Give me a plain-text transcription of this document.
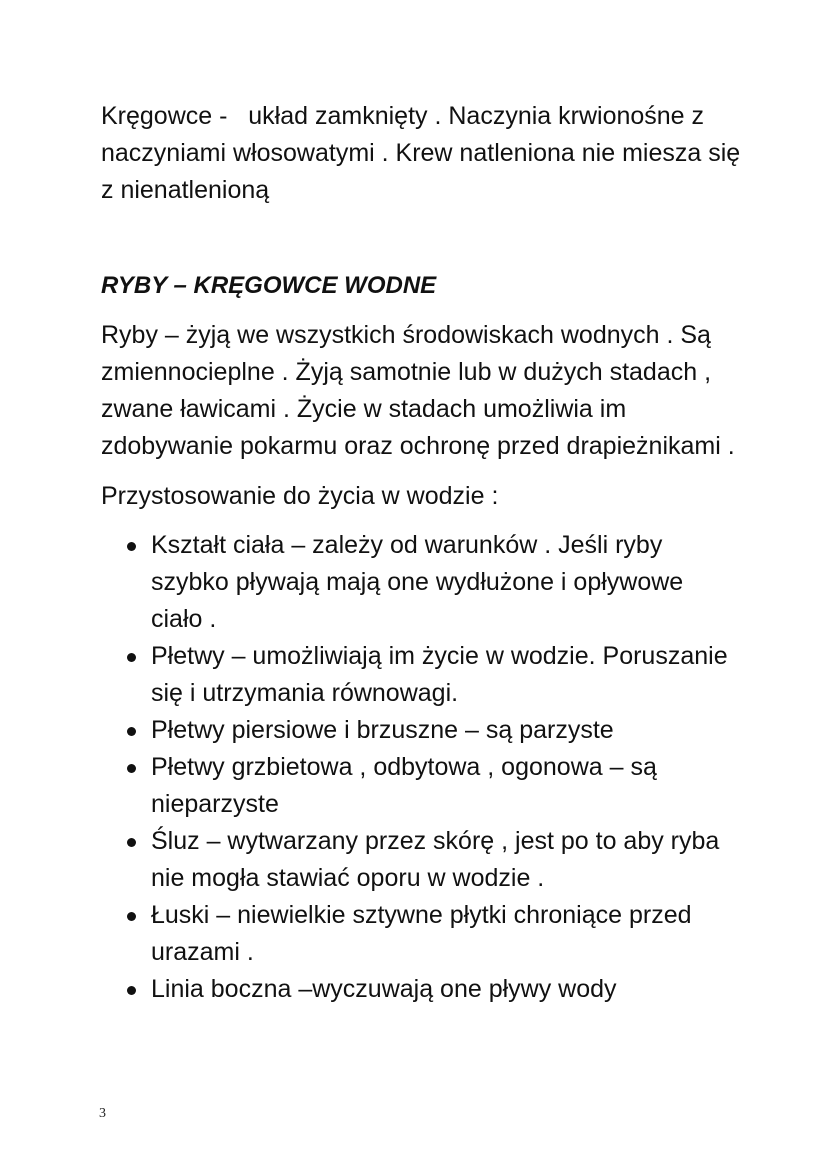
Kręgowce -   układ zamknięty . Naczynia krwionośne z naczyniami włosowatymi . Krew natleniona nie miesza się z nienatlenioną

RYBY – KRĘGOWCE WODNE

Ryby – żyją we wszystkich środowiskach wodnych . Są zmiennocieplne . Żyją samotnie lub w dużych stadach , zwane ławicami . Życie w stadach umożliwia im zdobywanie pokarmu oraz ochronę przed drapieżnikami .

Przystosowanie do życia w wodzie :

Kształt ciała – zależy od warunków . Jeśli ryby szybko pływają mają one wydłużone i opływowe ciało .
Płetwy – umożliwiają im życie w wodzie. Poruszanie się i utrzymania równowagi.
Płetwy piersiowe i brzuszne – są parzyste
Płetwy grzbietowa , odbytowa , ogonowa – są nieparzyste
Śluz – wytwarzany przez skórę , jest po to aby ryba nie mogła stawiać oporu w wodzie .
Łuski – niewielkie sztywne płytki chroniące przed urazami .
Linia boczna –wyczuwają one pływy wody
3
